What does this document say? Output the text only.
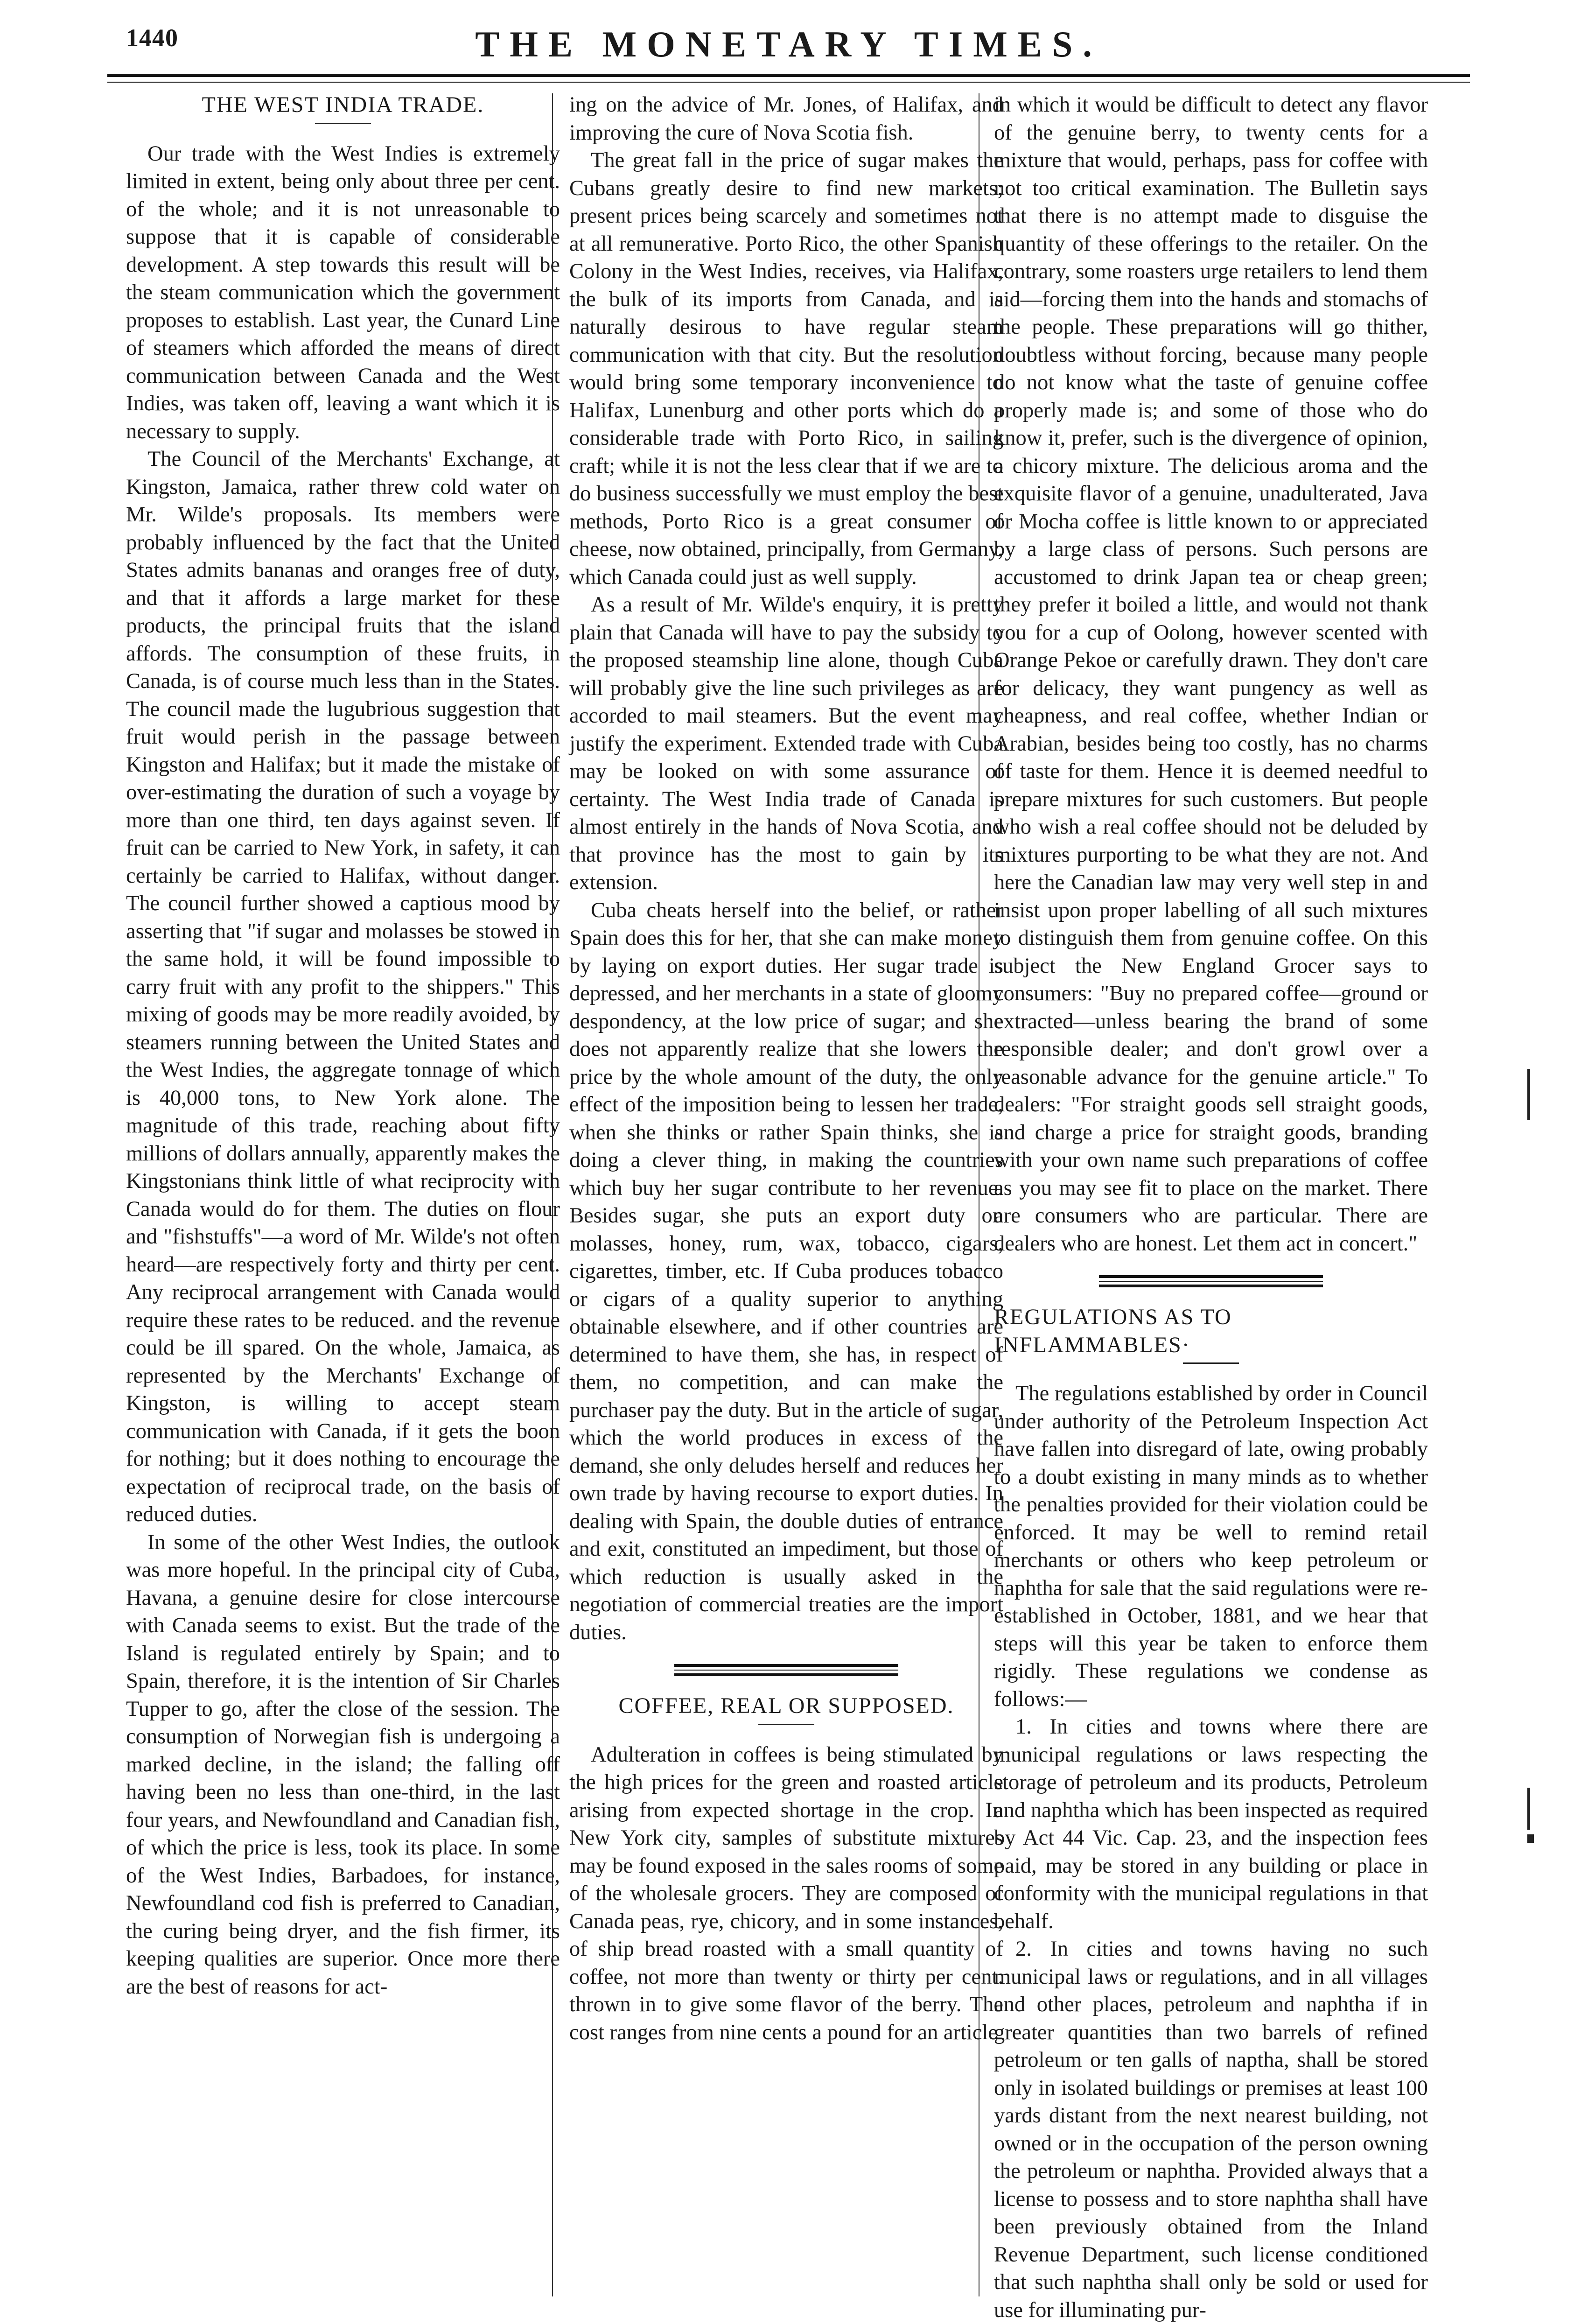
1440	THE MONETARY TIMES.

THE WEST INDIA TRADE.

Our trade with the West Indies is extremely limited in extent, being only about three per cent. of the whole; and it is not unreasonable to suppose that it is capable of considerable development. A step towards this result will be the steam communication which the government proposes to establish. Last year, the Cunard Line of steamers which afforded the means of direct communication between Canada and the West Indies, was taken off, leaving a want which it is necessary to supply.

The Council of the Merchants' Exchange, at Kingston, Jamaica, rather threw cold water on Mr. Wilde's proposals. Its members were probably influenced by the fact that the United States admits bananas and oranges free of duty, and that it affords a large market for these products, the principal fruits that the island affords. The consumption of these fruits, in Canada, is of course much less than in the States. The council made the lugubrious suggestion that fruit would perish in the passage between Kingston and Halifax; but it made the mistake of over-estimating the duration of such a voyage by more than one third, ten days against seven. If fruit can be carried to New York, in safety, it can certainly be carried to Halifax, without danger. The council further showed a captious mood by asserting that "if sugar and molasses be stowed in the same hold, it will be found impossible to carry fruit with any profit to the shippers." This mixing of goods may be more readily avoided, by steamers running between the United States and the West Indies, the aggregate tonnage of which is 40,000 tons, to New York alone. The magnitude of this trade, reaching about fifty millions of dollars annually, apparently makes the Kingstonians think little of what reciprocity with Canada would do for them. The duties on flour and "fishstuffs"—a word of Mr. Wilde's not often heard—are respectively forty and thirty per cent. Any reciprocal arrangement with Canada would require these rates to be reduced. and the revenue could be ill spared. On the whole, Jamaica, as represented by the Merchants' Exchange of Kingston, is willing to accept steam communication with Canada, if it gets the boon for nothing; but it does nothing to encourage the expectation of reciprocal trade, on the basis of reduced duties.

In some of the other West Indies, the outlook was more hopeful. In the principal city of Cuba, Havana, a genuine desire for close intercourse with Canada seems to exist. But the trade of the Island is regulated entirely by Spain; and to Spain, therefore, it is the intention of Sir Charles Tupper to go, after the close of the session. The consumption of Norwegian fish is undergoing a marked decline, in the island; the falling off having been no less than one-third, in the last four years, and Newfoundland and Canadian fish, of which the price is less, took its place. In some of the West Indies, Barbadoes, for instance, Newfoundland cod fish is preferred to Canadian, the curing being dryer, and the fish firmer, its keeping qualities are superior. Once more there are the best of reasons for act-

ing on the advice of Mr. Jones, of Halifax, and improving the cure of Nova Scotia fish.

The great fall in the price of sugar makes the Cubans greatly desire to find new markets; present prices being scarcely and sometimes not at all remunerative. Porto Rico, the other Spanish Colony in the West Indies, receives, via Halifax, the bulk of its imports from Canada, and is naturally desirous to have regular steam communication with that city. But the resolution would bring some temporary inconvenience to Halifax, Lunenburg and other ports which do a considerable trade with Porto Rico, in sailing craft; while it is not the less clear that if we are to do business successfully we must employ the best methods, Porto Rico is a great consumer of cheese, now obtained, principally, from Germany, which Canada could just as well supply.

As a result of Mr. Wilde's enquiry, it is pretty plain that Canada will have to pay the subsidy to the proposed steamship line alone, though Cuba will probably give the line such privileges as are accorded to mail steamers. But the event may justify the experiment. Extended trade with Cuba may be looked on with some assurance of certainty. The West India trade of Canada is almost entirely in the hands of Nova Scotia, and that province has the most to gain by its extension.

Cuba cheats herself into the belief, or rather Spain does this for her, that she can make money by laying on export duties. Her sugar trade is depressed, and her merchants in a state of gloomy despondency, at the low price of sugar; and she does not apparently realize that she lowers the price by the whole amount of the duty, the only effect of the imposition being to lessen her trade, when she thinks or rather Spain thinks, she is doing a clever thing, in making the countries which buy her sugar contribute to her revenue. Besides sugar, she puts an export duty on molasses, honey, rum, wax, tobacco, cigars, cigarettes, timber, etc. If Cuba produces tobacco or cigars of a quality superior to anything obtainable elsewhere, and if other countries are determined to have them, she has, in respect of them, no competition, and can make the purchaser pay the duty. But in the article of sugar, which the world produces in excess of the demand, she only deludes herself and reduces her own trade by having recourse to export duties. In dealing with Spain, the double duties of entrance and exit, constituted an impediment, but those of which reduction is usually asked in the negotiation of commercial treaties are the import duties.

COFFEE, REAL OR SUPPOSED.

Adulteration in coffees is being stimulated by the high prices for the green and roasted article arising from expected shortage in the crop. In New York city, samples of substitute mixtures may be found exposed in the sales rooms of some of the wholesale grocers. They are composed of Canada peas, rye, chicory, and in some instances, of ship bread roasted with a small quantity of coffee, not more than twenty or thirty per cent. thrown in to give some flavor of the berry. The cost ranges from nine cents a pound for an article

in which it would be difficult to detect any flavor of the genuine berry, to twenty cents for a mixture that would, perhaps, pass for coffee with not too critical examination. The Bulletin says that there is no attempt made to disguise the quantity of these offerings to the retailer. On the contrary, some roasters urge retailers to lend them aid—forcing them into the hands and stomachs of the people. These preparations will go thither, doubtless without forcing, because many people do not know what the taste of genuine coffee properly made is; and some of those who do know it, prefer, such is the divergence of opinion, a chicory mixture. The delicious aroma and the exquisite flavor of a genuine, unadulterated, Java or Mocha coffee is little known to or appreciated by a large class of persons. Such persons are accustomed to drink Japan tea or cheap green; they prefer it boiled a little, and would not thank you for a cup of Oolong, however scented with Orange Pekoe or carefully drawn. They don't care for delicacy, they want pungency as well as cheapness, and real coffee, whether Indian or Arabian, besides being too costly, has no charms of taste for them. Hence it is deemed needful to prepare mixtures for such customers. But people who wish a real coffee should not be deluded by mixtures purporting to be what they are not. And here the Canadian law may very well step in and insist upon proper labelling of all such mixtures to distinguish them from genuine coffee. On this subject the New England Grocer says to consumers: "Buy no prepared coffee—ground or extracted—unless bearing the brand of some responsible dealer; and don't growl over a reasonable advance for the genuine article." To dealers: "For straight goods sell straight goods, and charge a price for straight goods, branding with your own name such preparations of coffee as you may see fit to place on the market. There are consumers who are particular. There are dealers who are honest. Let them act in concert."

REGULATIONS AS TO INFLAMMABLES·

The regulations established by order in Council under authority of the Petroleum Inspection Act have fallen into disregard of late, owing probably to a doubt existing in many minds as to whether the penalties provided for their violation could be enforced. It may be well to remind retail merchants or others who keep petroleum or naphtha for sale that the said regulations were re-established in October, 1881, and we hear that steps will this year be taken to enforce them rigidly. These regulations we condense as follows:—

1. In cities and towns where there are municipal regulations or laws respecting the storage of petroleum and its products, Petroleum and naphtha which has been inspected as required by Act 44 Vic. Cap. 23, and the inspection fees paid, may be stored in any building or place in conformity with the municipal regulations in that behalf.

2. In cities and towns having no such municipal laws or regulations, and in all villages and other places, petroleum and naphtha if in greater quantities than two barrels of refined petroleum or ten galls of naptha, shall be stored only in isolated buildings or premises at least 100 yards distant from the next nearest building, not owned or in the occupation of the person owning the petroleum or naphtha. Provided always that a license to possess and to store naphtha shall have been previously obtained from the Inland Revenue Department, such license conditioned that such naphtha shall only be sold or used for use for illuminating pur-
